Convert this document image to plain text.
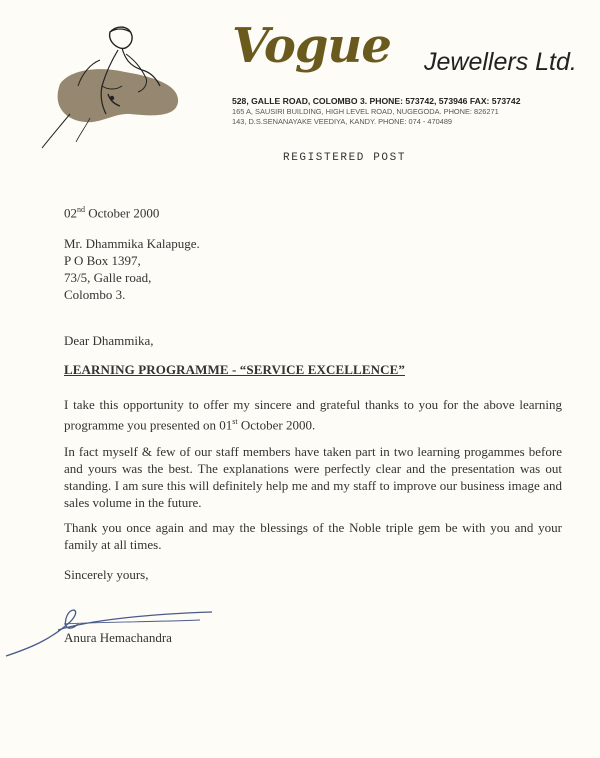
Vogue Jewellers Ltd.
528, GALLE ROAD, COLOMBO 3. PHONE: 573742, 573946 FAX: 573742
165 A, SAUSIRI BUILDING, HIGH LEVEL ROAD, NUGEGODA. PHONE: 826271
143, D.S.SENANAYAKE VEEDIYA, KANDY. PHONE: 074 - 470489
REGISTERED POST
02nd October 2000
Mr. Dhammika Kalapuge.
P O Box 1397,
73/5, Galle road,
Colombo 3.
Dear Dhammika,
LEARNING PROGRAMME - “SERVICE EXCELLENCE”
I take this opportunity to offer my sincere and grateful thanks to you for the above learning programme you presented on 01st October 2000.
In fact myself & few of our staff members have taken part in two learning progammes before and yours was the best. The explanations were perfectly clear and the presentation was out standing. I am sure this will definitely help me and my staff to improve our business image and sales volume in the future.
Thank you once again and may the blessings of the Noble triple gem be with you and your family at all times.
Sincerely yours,
Anura Hemachandra
